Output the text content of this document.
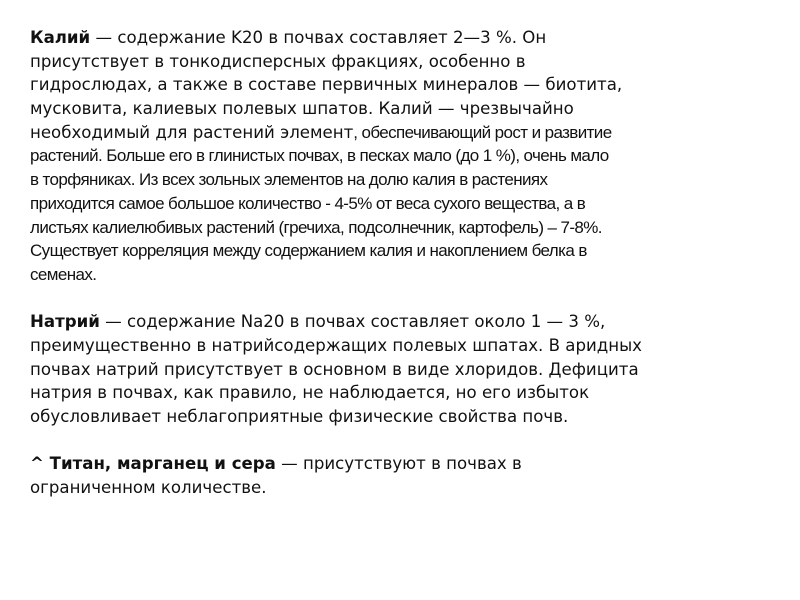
Калий — содержание K20 в почвах составляет 2—3 %. Он
присутствует в тонкодисперсных фракциях, особенно в
гидрослюдах, а также в составе первичных минералов — биотита,
мусковита, калиевых полевых шпатов. Калий — чрезвычайно
необходимый для растений элемент, обеспечивающий рост и развитие
растений. Больше его в глинистых почвах, в песках мало (до 1 %), очень мало
в торфяниках. Из всех зольных элементов на долю калия в растениях
приходится самое большое количество - 4-5% от веса сухого вещества, а в
листьях калиелюбивых растений (гречиха, подсолнечник, картофель) – 7-8%.
Существует корреляция между содержанием калия и накоплением белка в
семенах.
Натрий — содержание Na20 в почвах составляет около 1 — 3 %,
преимущественно в натрийсодержащих полевых шпатах. В аридных
почвах натрий присутствует в основном в виде хлоридов. Дефицита
натрия в почвах, как правило, не наблюдается, но его избыток
обусловливает неблагоприятные физические свойства почв.
^ Титан, марганец и сера — присутствуют в почвах в
ограниченном количестве.
